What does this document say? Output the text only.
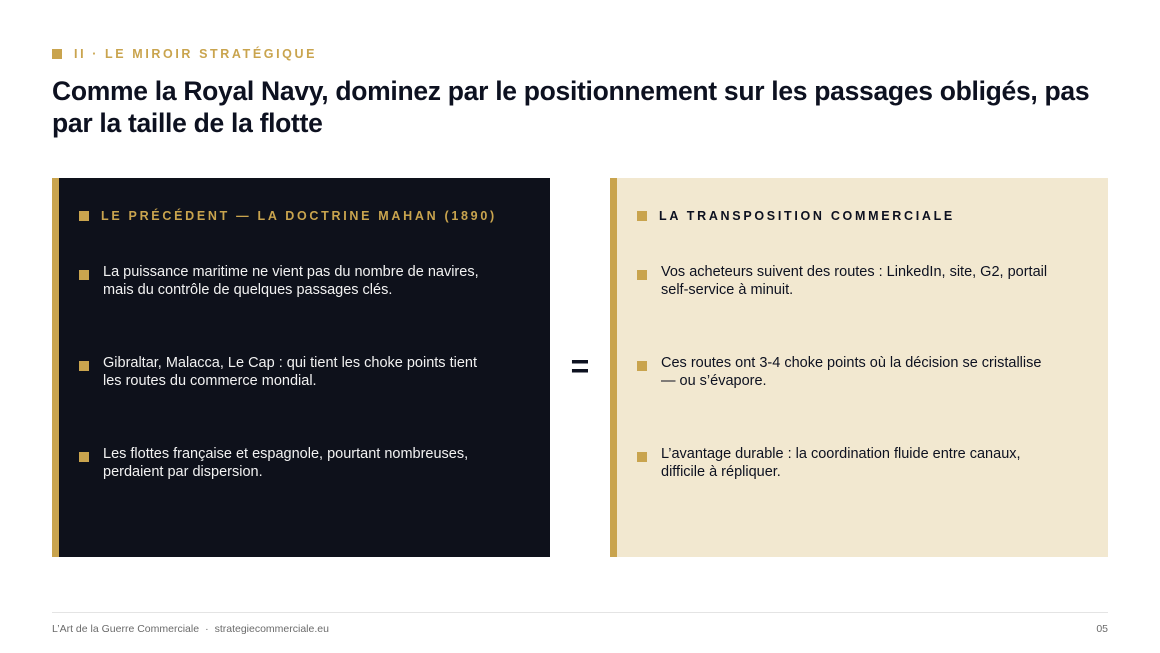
II · LE MIROIR STRATÉGIQUE
Comme la Royal Navy, dominez par le positionnement sur les passages obligés, pas par la taille de la flotte
LE PRÉCÉDENT — LA DOCTRINE MAHAN (1890)
La puissance maritime ne vient pas du nombre de navires, mais du contrôle de quelques passages clés.
Gibraltar, Malacca, Le Cap : qui tient les choke points tient les routes du commerce mondial.
Les flottes française et espagnole, pourtant nombreuses, perdaient par dispersion.
=
LA TRANSPOSITION COMMERCIALE
Vos acheteurs suivent des routes : LinkedIn, site, G2, portail self-service à minuit.
Ces routes ont 3-4 choke points où la décision se cristallise — ou s’évapore.
L’avantage durable : la coordination fluide entre canaux, difficile à répliquer.
L’Art de la Guerre Commerciale · strategiecommerciale.eu	05
